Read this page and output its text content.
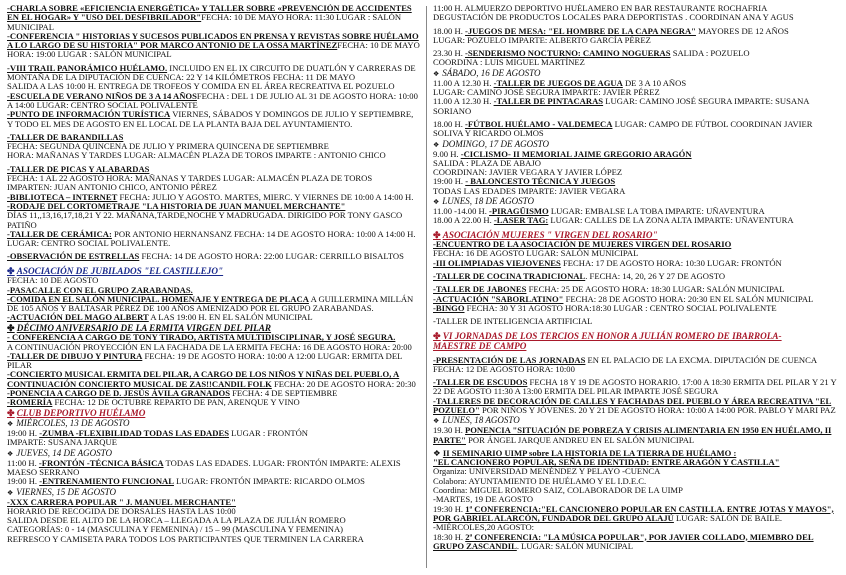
-CHARLA SOBRE «EFICIENCIA ENERGÉTICA» Y TALLER SOBRE «PREVENCIÓN DE ACCIDENTES EN EL HOGAR» Y "USO DEL DESFIBRILADOR"FECHA: 10 DE MAYO HORA: 11:30 LUGAR : SALÓN MUNICIPAL

-CONFERENCIA " HISTORIAS Y SUCESOS PUBLICADOS EN PRENSA Y REVISTAS SOBRE HUÉLAMO A LO LARGO DE SU HISTORIA" POR MARCO ANTONIO DE LA OSSA MARTÍNEZFECHA: 10 DE MAYO HORA: 19:00 LUGAR : SALÓN MUNICIPAL

-VIII TRAIL PANORÁMICO HUÉLAMO. INCLUIDO EN EL IX CIRCUITO DE DUATLÓN Y CARRERAS DE MONTAÑA DE LA DIPUTACIÓN DE CUENCA: 22 Y 14 KILÓMETROS FECHA: 11 DE MAYO
SALIDA A LAS 10:00 H. ENTREGA DE TROFEOS Y COMIDA EN EL ÁREA RECREATIVA EL POZUELO

-ESCUELA DE VERANO NIÑOS DE 3 A 14 AÑOSFECHA : DEL 1 DE JULIO AL 31 DE AGOSTO HORA: 10:00 A 14:00 LUGAR: CENTRO SOCIAL POLIVALENTE

-PUNTO DE INFORMACIÓN TURÍSTICA VIERNES, SÁBADOS Y DOMINGOS DE JULIO Y SEPTIEMBRE, Y TODO EL MES DE AGOSTO EN EL LOCAL DE LA PLANTA BAJA DEL AYUNTAMIENTO.

-TALLER DE BARANDILLAS
FECHA: SEGUNDA QUINCENA DE JULIO Y PRIMERA QUINCENA DE SEPTIEMBRE
HORA: MAÑANAS Y TARDES LUGAR: ALMACÉN PLAZA DE TOROS IMPARTE : ANTONIO CHICO

-TALLER DE PICAS Y ALABARDAS
FECHA: 1 AL 22 AGOSTO HORA: MAÑANAS Y TARDES LUGAR: ALMACÉN PLAZA DE TOROS
IMPARTEN: JUAN ANTONIO CHICO, ANTONIO PÉREZ

-BIBLIOTECA – INTERNET FECHA: JULIO Y AGOSTO. MARTES, MIERC. Y VIERNES DE 10:00 A 14:00 H.

-RODAJE DEL CORTOMETRAJE "LA HISTORIA DE JUAN MANUEL MERCHANTE"
DÍAS 11,,13,16,17,18,21 Y 22. MAÑANA,TARDE,NOCHE Y MADRUGADA. DIRIGIDO POR TONY GASCO PATIÑO

-TALLER DE CERÁMICA: POR ANTONIO HERNANSANZ FECHA: 14 DE AGOSTO HORA: 10:00 A 14:00 H. LUGAR: CENTRO SOCIAL POLIVALENTE.

-OBSERVACIÓN DE ESTRELLAS FECHA: 14 DE AGOSTO HORA: 22:00 LUGAR: CERRILLO BISALTOS

✤ ASOCIACIÓN DE JUBILADOS "EL CASTILLEJO"

FECHA: 10 DE AGOSTO

-PASACALLE CON EL GRUPO ZARABANDAS.

-COMIDA EN EL SALÓN MUNICIPAL. HOMENAJE Y ENTREGA DE PLACA A GUILLERMINA MILLÁN DE 105 AÑOS Y BALTASAR PÉREZ DE 100 AÑOS AMENIZADO POR EL GRUPO ZARABANDAS.

-ACTUACIÓN DEL MAGO ALBERT A LAS 19:00 H. EN EL SALÓN MUNICIPAL

✤ DÉCIMO ANIVERSARIO DE LA ERMITA VIRGEN DEL PILAR

- CONFERENCIA A CARGO DE TONY TIRADO, ARTISTA MULTIDISCIPLINAR, Y JOSÉ SEGURA.
A CONTINUACIÓN PROYECCIÓN EN LA FACHADA DE LA ERMITA FECHA: 16 DE AGOSTO HORA: 20:00

-TALLER DE DIBUJO Y PINTURA FECHA: 19 DE AGOSTO HORA: 10:00 A 12:00 LUGAR: ERMITA DEL PILAR

-CONCIERTO MUSICAL ERMITA DEL PILAR, A CARGO DE LOS NIÑOS Y NIÑAS DEL PUEBLO, A CONTINUACIÓN CONCIERTO MUSICAL DE ZAS!!CANDIL FOLK FECHA: 20 DE AGOSTO HORA: 20:30

-PONENCIA A CARGO DE D. JESÚS ÁVILA GRANADOS FECHA: 4 DE SEPTIEMBRE

-ROMERÍA FECHA: 12 DE OCTUBRE REPARTO DE PAN, ARENQUE Y VINO

✤ CLUB DEPORTIVO HUÉLAMO

❖ MIÉRCOLES, 13 DE AGOSTO

19:00 H. -ZUMBA -FLEXIBILIDAD TODAS LAS EDADES LUGAR : FRONTÓN
IMPARTE: SUSANA JARQUE

❖ JUEVES, 14 DE AGOSTO

11:00 H. -FRONTÓN -TÉCNICA BÁSICA TODAS LAS EDADES. LUGAR: FRONTÓN IMPARTE: ALEXIS MAESO SERRANO

19:00 H. -ENTRENAMIENTO FUNCIONAL LUGAR: FRONTÓN IMPARTE: RICARDO OLMOS

❖ VIERNES, 15 DE AGOSTO

-XXX CARRERA POPULAR " J. MANUEL MERCHANTE"
HORARIO DE RECOGIDA DE DORSALES HASTA LAS 10:00
SALIDA DESDE EL ALTO DE LA HORCA – LLEGADA A LA PLAZA DE JULIÁN ROMERO
CATEGORÍAS: 0 - 14 (MASCULINA Y FEMENINA) / 15 – 99 (MASCULINA Y FEMENINA)
REFRESCO Y CAMISETA PARA TODOS LOS PARTICIPANTES QUE TERMINEN LA CARRERA

11:00 H. ALMUERZO DEPORTIVO HUÉLAMERO EN BAR RESTAURANTE ROCHAFRIA
DEGUSTACIÓN DE PRODUCTOS LOCALES PARA DEPORTISTAS . COORDINAN ANA Y AGUS

18.00 H. -JUEGOS DE MESA: "EL HOMBRE DE LA CAPA NEGRA" MAYORES DE 12 AÑOS
LUGAR: POZUELO IMPARTE: ALBERTO GARCÍA PÉREZ

23.30 H. -SENDERISMO NOCTURNO: CAMINO NOGUERAS SALIDA : POZUELO
COORDINA : LUIS MIGUEL MARTÍNEZ

❖ SÁBADO, 16 DE AGOSTO

11.00 A 12.30 H. -TALLER DE JUEGOS DE AGUA DE 3 A 10 AÑOS
LUGAR: CAMINO JOSÉ SEGURA IMPARTE: JAVIER PÉREZ

11.00 A 12.30 H. -TALLER DE PINTACARAS LUGAR: CAMINO JOSÉ SEGURA IMPARTE: SUSANA SORIANO

18.00 H. -FÚTBOL HUÉLAMO - VALDEMECA LUGAR: CAMPO DE FÚTBOL COORDINAN JAVIER SOLIVA Y RICARDO OLMOS

❖ DOMINGO, 17 DE AGOSTO

9.00 H. -CICLISMO- II MEMORIAL JAIME GREGORIO ARAGÓN
SALIDA : PLAZA DE ABAJO
COORDINAN: JAVIER VEGARA Y JAVIER LÓPEZ

19:00 H. - BALONCESTO TÉCNICA Y JUEGOS
TODAS LAS EDADES IMPARTE: JAVIER VEGARA

❖ LUNES, 18 DE AGOSTO

11.00 -14.00 H. -PIRAGÜISMO LUGAR: EMBALSE LA TOBA IMPARTE: UÑAVENTURA

18.00 A 22.00 H. -LASER TAG: LUGAR: CALLES DE LA ZONA ALTA IMPARTE: UÑAVENTURA

✤ ASOCIACIÓN MUJERES " VIRGEN DEL ROSARIO"

-ENCUENTRO DE LA ASOCIACIÓN DE MUJERES VIRGEN DEL ROSARIO
FECHA: 16 DE AGOSTO LUGAR: SALÓN MUNICIPAL

-III OLIMPIADAS VIEJOVENES FECHA: 17 DE AGOSTO HORA: 10:30 LUGAR: FRONTÓN

-TALLER DE COCINA TRADICIONAL. FECHA: 14, 20, 26 Y 27 DE AGOSTO

-TALLER DE JABONES FECHA: 25 DE AGOSTO HORA: 18:30 LUGAR: SALÓN MUNICIPAL

-ACTUACIÓN "SABORLATINO" FECHA: 28 DE AGOSTO HORA: 20:30 EN EL SALÓN MUNICIPAL

-BINGO FECHA: 30 Y 31 AGOSTO HORA:18:30 LUGAR : CENTRO SOCIAL POLIVALENTE

-TALLER DE INTELIGENCIA ARTIFICIAL

✤ VI JORNADAS DE LOS TERCIOS EN HONOR A JULIÁN ROMERO DE IBARROLA-
MAESTRE DE CAMPO

-PRESENTACIÓN DE LAS JORNADAS EN EL PALACIO DE LA EXCMA. DIPUTACIÓN DE CUENCA
FECHA: 12 DE AGOSTO HORA: 10:00

-TALLER DE ESCUDOS FECHA 18 Y 19 DE AGOSTO HORARIO. 17:00 A 18:30 ERMITA DEL PILAR Y 21 Y 22 DE AGOSTO 11:30 A 13:00 ERMITA DEL PILAR IMPARTE JOSÉ SEGURA

-TALLERES DE DECORACIÓN DE CALLES Y FACHADAS DEL PUEBLO Y ÁREA RECREATIVA "EL POZUELO" POR NIÑOS Y JÓVENES. 20 Y 21 DE AGOSTO HORA: 10:00 A 14:00 POR. PABLO Y MARI PAZ

❖ LUNES, 18 AGOSTO

19.30 H. PONENCIA "SITUACIÓN DE POBREZA Y CRISIS ALIMENTARIA EN 1950 EN HUÉLAMO, II PARTE" POR ÁNGEL JARQUE ANDREU EN EL SALÓN MUNICIPAL

❖ II SEMINARIO UIMP sobre LA HISTORIA DE LA TIERRA DE HUÉLAMO :
"EL CANCIONERO POPULAR, SEÑA DE IDENTIDAD: ENTRE ARAGÓN Y CASTILLA"
Organiza: UNIVERSIDAD MENÉNDEZ Y PELAYO -CUENCA
Colabora: AYUNTAMIENTO DE HUÉLAMO Y EL I.D.E.C.
Coordina: MIGUEL ROMERO SAIZ, COLABORADOR DE LA UIMP
-MARTES, 19 DE AGOSTO

19:30 H. 1ª CONFERENCIA:"EL CANCIONERO POPULAR EN CASTILLA. ENTRE JOTAS Y MAYOS", POR GABRIEL ALARCÓN, FUNDADOR DEL GRUPO ALAJÚ LUGAR: SALÓN DE BAILE.
-MIÉRCOLES,20 AGOSTO:

18:30 H. 2ª CONFERENCIA: "LA MÚSICA POPULAR", POR JAVIER COLLADO, MIEMBRO DEL GRUPO ZASCANDIL. LUGAR: SALÓN MUNICIPAL
